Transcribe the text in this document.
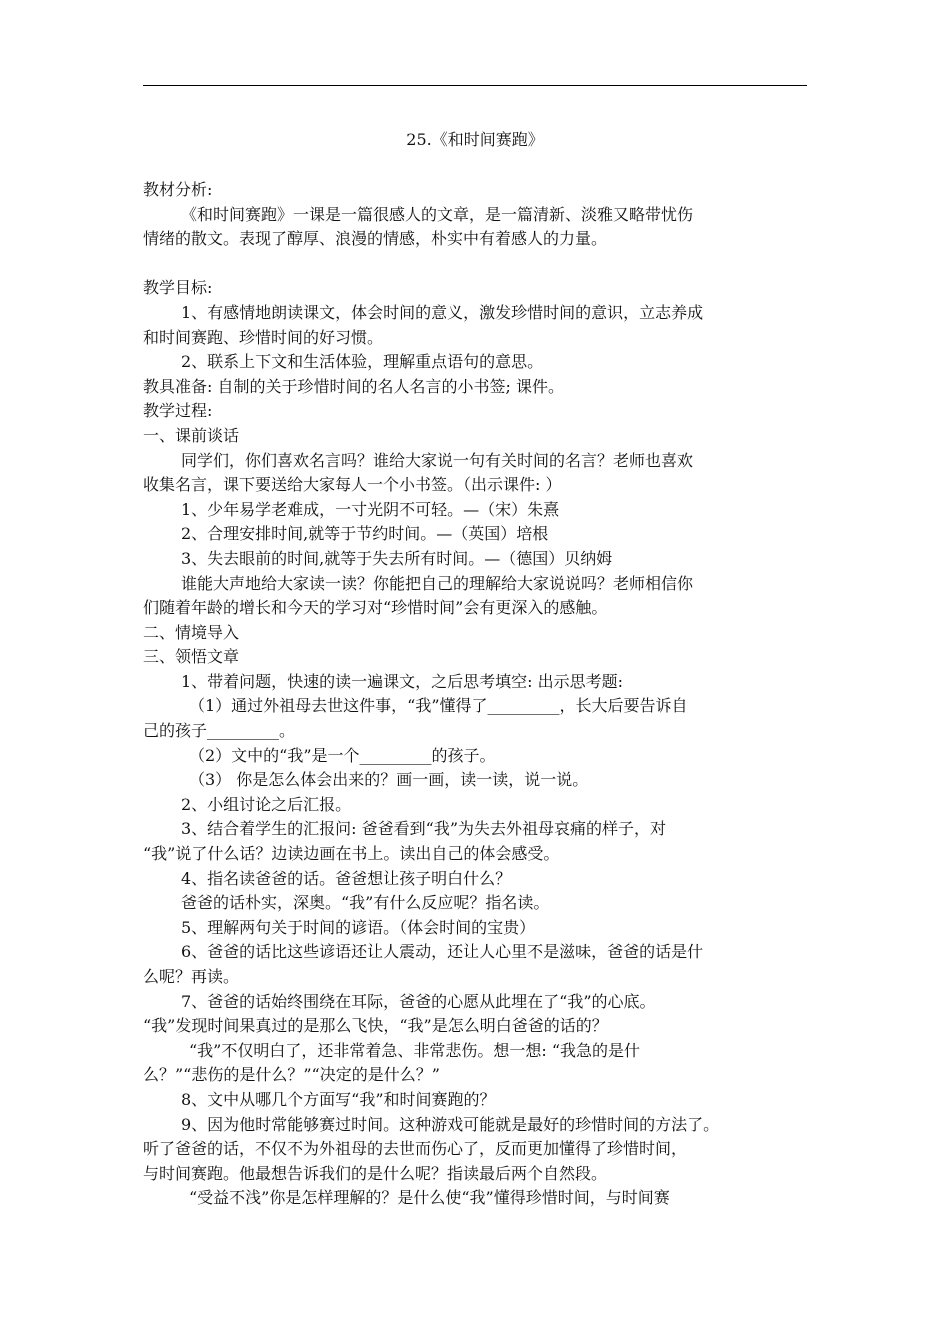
25.《和时间赛跑》
教材分析:
《和时间赛跑》一课是一篇很感人的文章，是一篇清新、淡雅又略带忧伤
情绪的散文。表现了醇厚、浪漫的情感，朴实中有着感人的力量。
教学目标:
1、有感情地朗读课文，体会时间的意义，激发珍惜时间的意识，立志养成
和时间赛跑、珍惜时间的好习惯。
2、联系上下文和生活体验，理解重点语句的意思。
教具准备: 自制的关于珍惜时间的名人名言的小书签; 课件。
教学过程:
一、课前谈话
同学们，你们喜欢名言吗？谁给大家说一句有关时间的名言？老师也喜欢
收集名言，课下要送给大家每人一个小书签。（出示课件: ）
1、少年易学老难成，一寸光阴不可轻。—（宋）朱熹
2、合理安排时间,就等于节约时间。—（英国）培根
3、失去眼前的时间,就等于失去所有时间。—（德国）贝纳姆
谁能大声地给大家读一读？你能把自己的理解给大家说说吗？老师相信你
们随着年龄的增长和今天的学习对“珍惜时间”会有更深入的感触。
二、情境导入
三、领悟文章
1、带着问题，快速的读一遍课文，之后思考填空: 出示思考题:
（1）通过外祖母去世这件事，“我”懂得了_________，长大后要告诉自
己的孩子_________。
（2）文中的“我”是一个_________的孩子。
（3） 你是怎么体会出来的？画一画，读一读，说一说。
2、小组讨论之后汇报。
3、结合着学生的汇报问: 爸爸看到“我”为失去外祖母哀痛的样子，对
“我”说了什么话？边读边画在书上。读出自己的体会感受。
4、指名读爸爸的话。爸爸想让孩子明白什么？
爸爸的话朴实，深奥。“我”有什么反应呢？指名读。
5、理解两句关于时间的谚语。（体会时间的宝贵）
6、爸爸的话比这些谚语还让人震动，还让人心里不是滋味，爸爸的话是什
么呢？再读。
7、爸爸的话始终围绕在耳际，爸爸的心愿从此埋在了“我”的心底。
“我”发现时间果真过的是那么飞快，“我”是怎么明白爸爸的话的？
“我”不仅明白了，还非常着急、非常悲伤。想一想: “我急的是什
么？”“悲伤的是什么？”“决定的是什么？”
8、文中从哪几个方面写“我”和时间赛跑的？
9、因为他时常能够赛过时间。这种游戏可能就是最好的珍惜时间的方法了。
听了爸爸的话，不仅不为外祖母的去世而伤心了，反而更加懂得了珍惜时间，
与时间赛跑。他最想告诉我们的是什么呢？指读最后两个自然段。
“受益不浅”你是怎样理解的？是什么使“我”懂得珍惜时间，与时间赛
